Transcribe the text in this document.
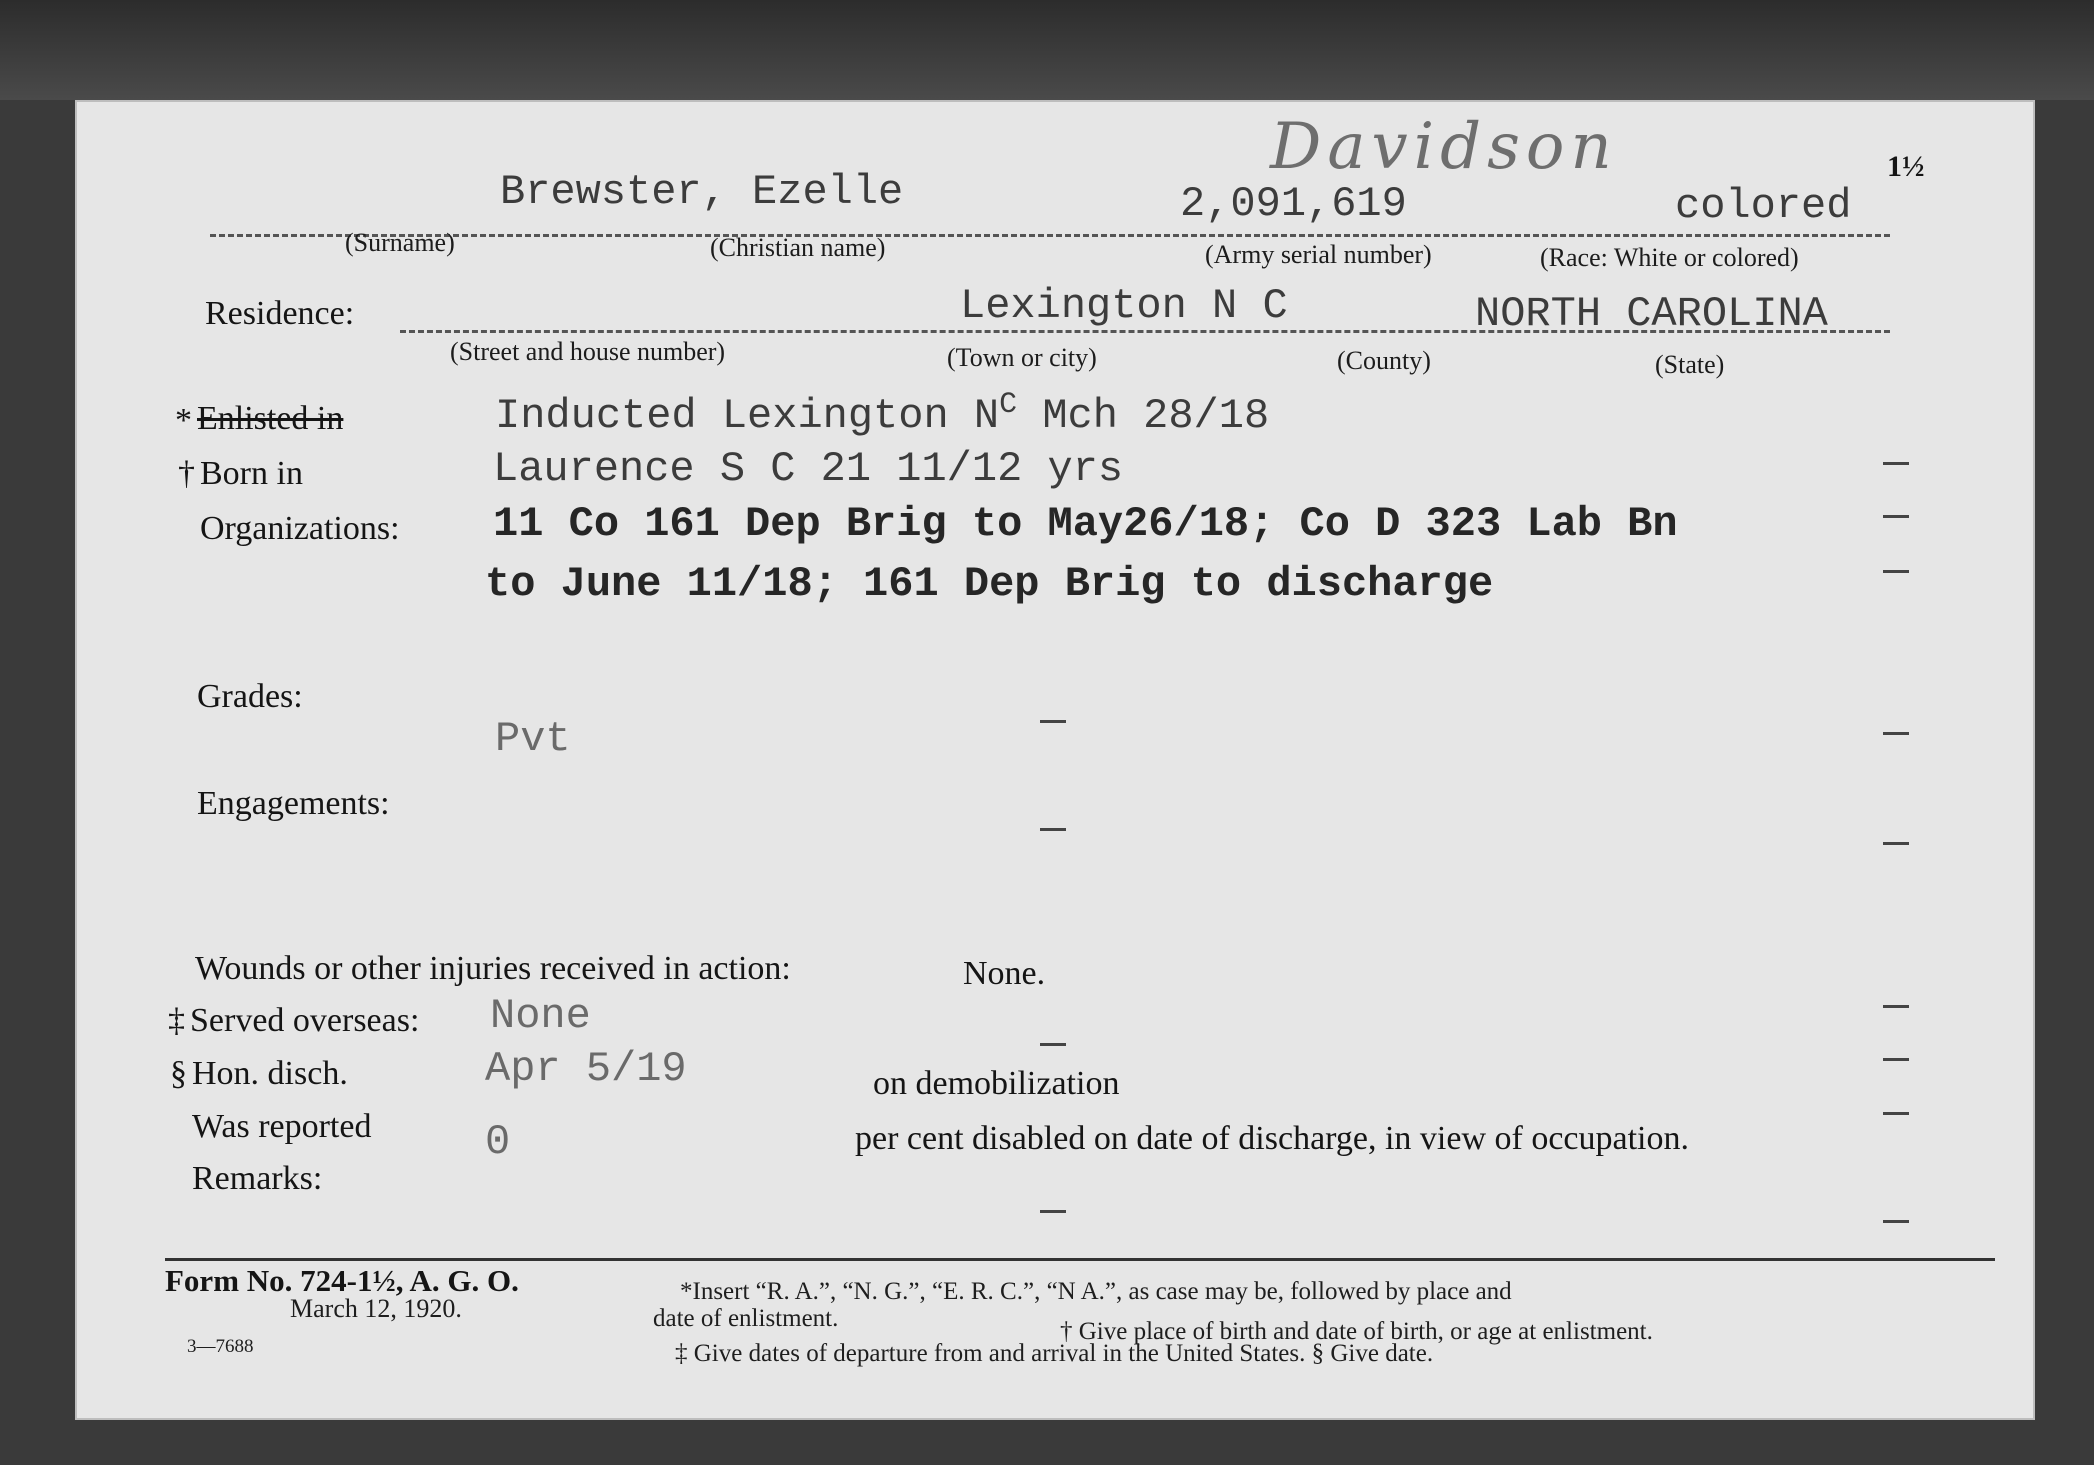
Davidson	1½
Brewster, Ezelle	2,091,619	colored
(Surname)	(Christian name)	(Army serial number)	(Race: White or colored)
Residence:	Lexington N C	NORTH CAROLINA
(Street and house number)	(Town or city)	(County)	(State)
* Enlisted in	Inducted Lexington $N^C$ Mch 28/18
† Born in	Laurence S C 21 11/12 yrs
Organizations: 11 Co 161 Dep Brig to May26/18; Co D 323 Lab Bn
to June 11/18; 161 Dep Brig to discharge
Grades:
Pvt
Engagements:
Wounds or other injuries received in action:	None.
‡ Served overseas: None
§ Hon. disch.	Apr 5/19	on demobilization
Was reported	0	per cent disabled on date of discharge, in view of occupation.
Remarks:
Form No. 724-1½, A. G. O.
March 12, 1920.
3—7688
*Insert “R. A.”, “N. G.”, “E. R. C.”, “N A.”, as case may be, followed by place and
date of enlistment.	† Give place of birth and date of birth, or age at enlistment.
‡ Give dates of departure from and arrival in the United States. § Give date.
